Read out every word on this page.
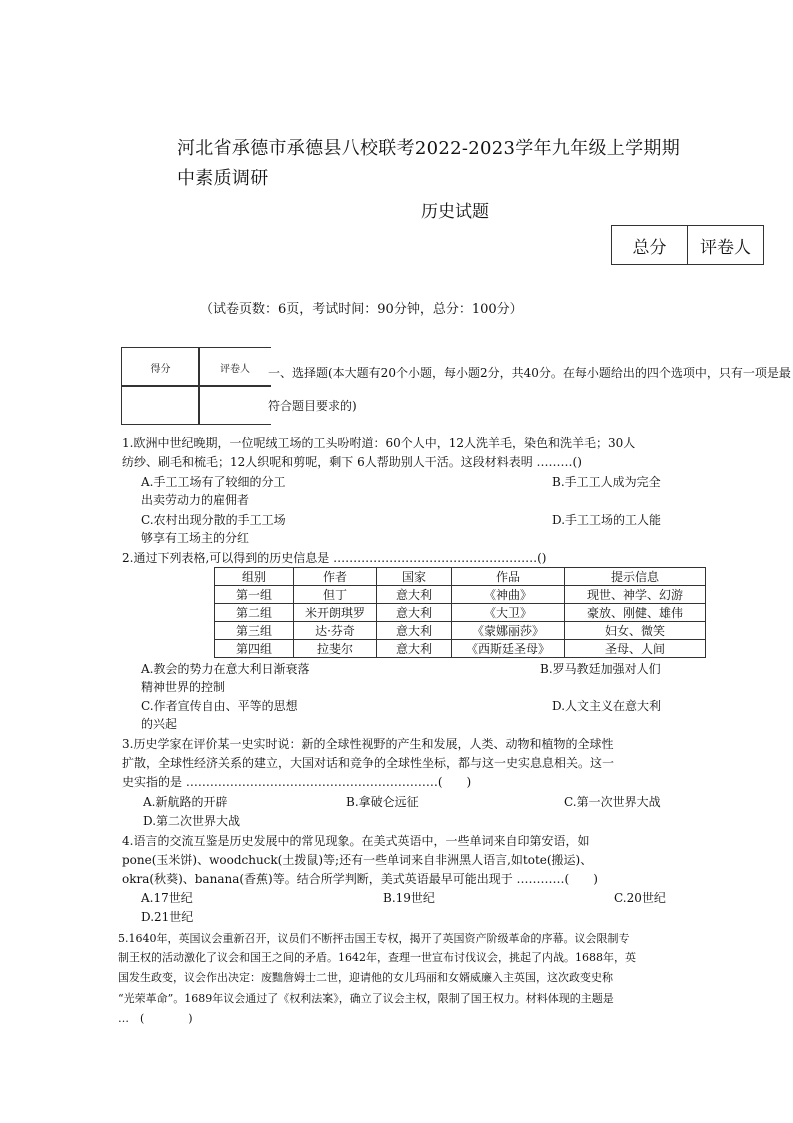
河北省承德市承德县八校联考2022-2023学年九年级上学期期
中素质调研
历史试题
总分	评卷人
（试卷页数：6页，考试时间：90分钟，总分：100分）
得分	评卷人	一、选择题(本大题有20个小题，每小题2分，共40分。在每小题给出的四个选项中，只有一项是最
符合题目要求的)
1.欧洲中世纪晚期，一位呢绒工场的工头吩咐道：60个人中，12人洗羊毛，染色和洗羊毛；30人
纺纱、刷毛和梳毛；12人织呢和剪呢，剩下 6人帮助别人干活。这段材料表明 ………()
A.手工工场有了较细的分工	B.手工工人成为完全
出卖劳动力的雇佣者
C.农村出现分散的手工工场	D.手工工场的工人能
够享有工场主的分红
2.通过下列表格,可以得到的历史信息是 ……………………………………………()
组别	作者	国家	作品	提示信息
第一组	但丁	意大利	《神曲》	现世、神学、幻游
第二组	米开朗琪罗	意大利	《大卫》	豪放、刚健、雄伟
第三组	达·芬奇	意大利	《蒙娜丽莎》	妇女、微笑
第四组	拉斐尔	意大利	《西斯廷圣母》	圣母、人间
A.教会的势力在意大利日渐衰落	B.罗马教廷加强对人们
精神世界的控制
C.作者宣传自由、平等的思想	D.人文主义在意大利
的兴起
3.历史学家在评价某一史实时说：新的全球性视野的产生和发展，人类、动物和植物的全球性
扩散，全球性经济关系的建立，大国对话和竞争的全球性坐标，都与这一史实息息相关。这一
史实指的是 ………………………………………………………(　　)
A.新航路的开辟	B.拿破仑远征	C.第一次世界大战
D.第二次世界大战
4.语言的交流互鉴是历史发展中的常见现象。在美式英语中，一些单词来自印第安语，如
pone(玉米饼)、woodchuck(土拨鼠)等;还有一些单词来自非洲黑人语言,如tote(搬运)、
okra(秋葵)、banana(香蕉)等。结合所学判断，美式英语最早可能出现于 …………(　　)
A.17世纪	B.19世纪	C.20世纪
D.21世纪
5.1640年，英国议会重新召开，议员们不断抨击国王专权，揭开了英国资产阶级革命的序幕。议会限制专
制王权的活动激化了议会和国王之间的矛盾。1642年，查理一世宣布讨伐议会，挑起了内战。1688年，英
国发生政变，议会作出决定：废黜詹姆士二世，迎请他的女儿玛丽和女婿威廉入主英国，这次政变史称
“光荣革命”。1689年议会通过了《权利法案》，确立了议会主权，限制了国王权力。材料体现的主题是
…　(　　　　)
